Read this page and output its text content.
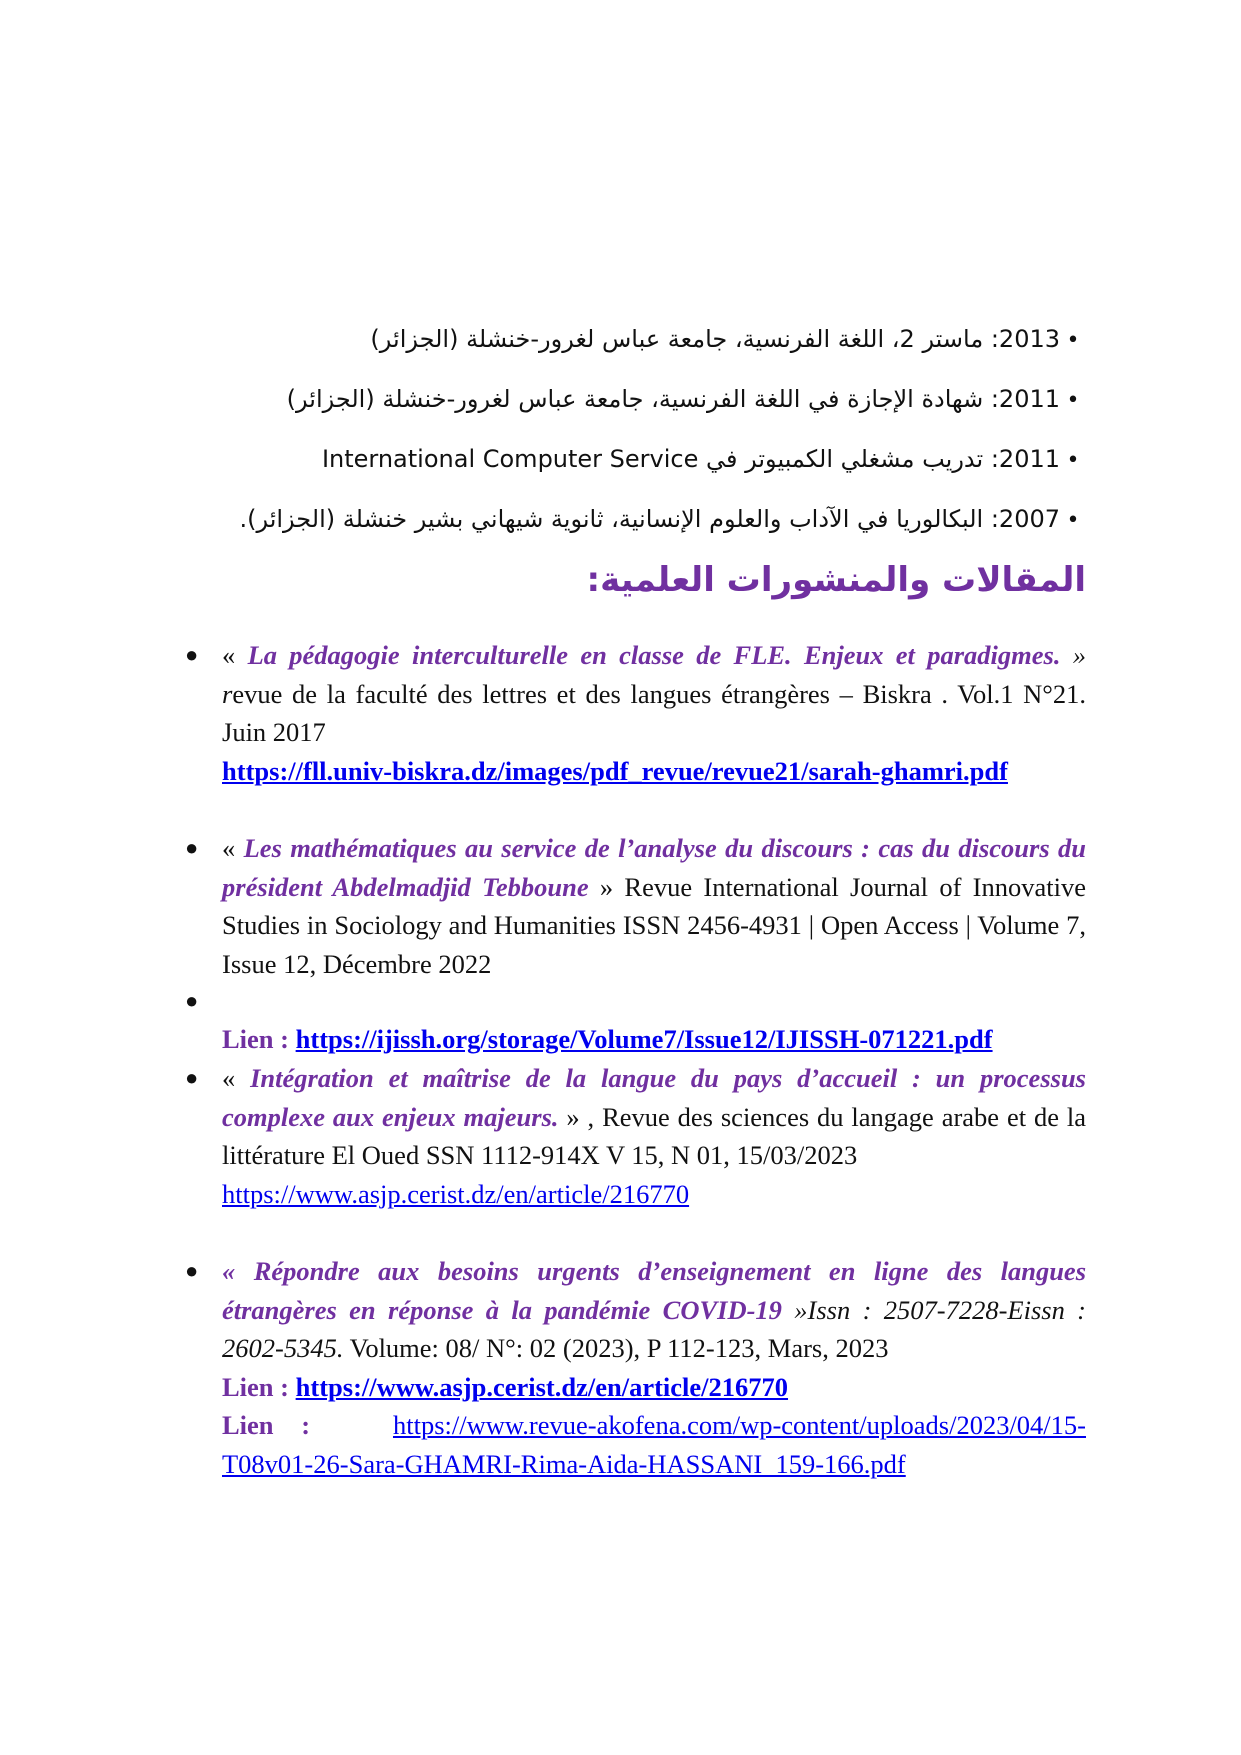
•2013: ماستر 2، اللغة الفرنسية، جامعة عباس لغرور-خنشلة (الجزائر)
•2011: شهادة الإجازة في اللغة الفرنسية، جامعة عباس لغرور-خنشلة (الجزائر)
•2011: تدريب مشغلي الكمبيوتر في International Computer Service
•2007: البكالوريا في الآداب والعلوم الإنسانية، ثانوية شيهاني بشير خنشلة (الجزائر).
المقالات والمنشورات العلمية:
● « La pédagogie interculturelle en classe de FLE. Enjeux et paradigmes. » revue de la faculté des lettres et des langues étrangères – Biskra . Vol.1 N°21. Juin 2017
https://fll.univ-biskra.dz/images/pdf_revue/revue21/sarah-ghamri.pdf
● « Les mathématiques au service de l’analyse du discours : cas du discours du président Abdelmadjid Tebboune » Revue International Journal of Innovative Studies in Sociology and Humanities ISSN 2456-4931 | Open Access | Volume 7, Issue 12, Décembre 2022
●
Lien : https://ijissh.org/storage/Volume7/Issue12/IJISSH-071221.pdf
● « Intégration et maîtrise de la langue du pays d’accueil : un processus complexe aux enjeux majeurs. » , Revue des sciences du langage arabe et de la littérature El Oued SSN 1112-914X V 15, N 01, 15/03/2023
https://www.asjp.cerist.dz/en/article/216770
● « Répondre aux besoins urgents d’enseignement en ligne des langues étrangères en réponse à la pandémie COVID-19 »Issn : 2507-7228-Eissn : 2602-5345. Volume: 08/ N°: 02 (2023), P 112-123, Mars, 2023
Lien : https://www.asjp.cerist.dz/en/article/216770
Lien :   https://www.revue-akofena.com/wp-content/uploads/2023/04/15-T08v01-26-Sara-GHAMRI-Rima-Aida-HASSANI_159-166.pdf
